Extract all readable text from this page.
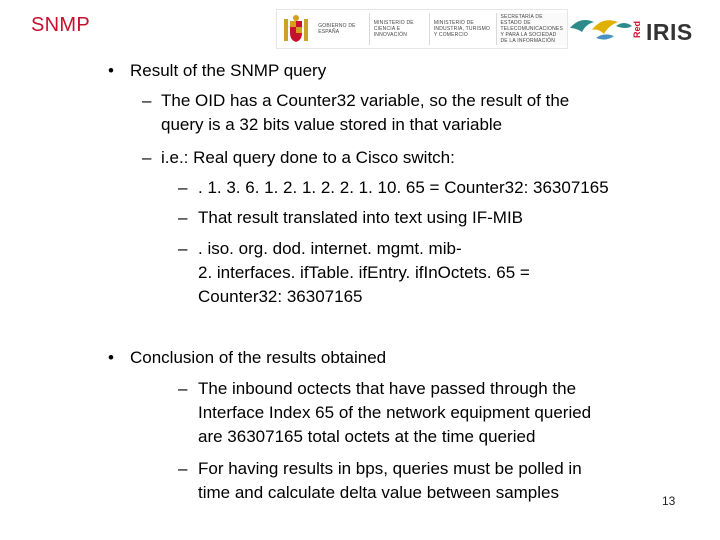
SNMP	GOBIERNO DE ESPAÑA
MINISTERIO DE CIENCIA E INNOVACIÓN
MINISTERIO DE INDUSTRIA, TURISMO Y COMERCIO
SECRETARÍA DE ESTADO DE TELECOMUNICACIONES Y PARA LA SOCIEDAD DE LA INFORMACIÓN
Red IRIS
• Result of the SNMP query
– The OID has a Counter32 variable, so the result of the
query is a 32 bits value stored in that variable
– i.e.: Real query done to a Cisco switch:
– . 1. 3. 6. 1. 2. 1. 2. 2. 1. 10. 65 = Counter32: 36307165
– That result translated into text using IF-MIB
– . iso. org. dod. internet. mgmt. mib-
2. interfaces. ifTable. ifEntry. ifInOctets. 65 =
Counter32: 36307165
• Conclusion of the results obtained
– The inbound octects that have passed through the
Interface Index 65 of the network equipment queried
are 36307165 total octets at the time queried
– For having results in bps, queries must be polled in
time and calculate delta value between samples	13
